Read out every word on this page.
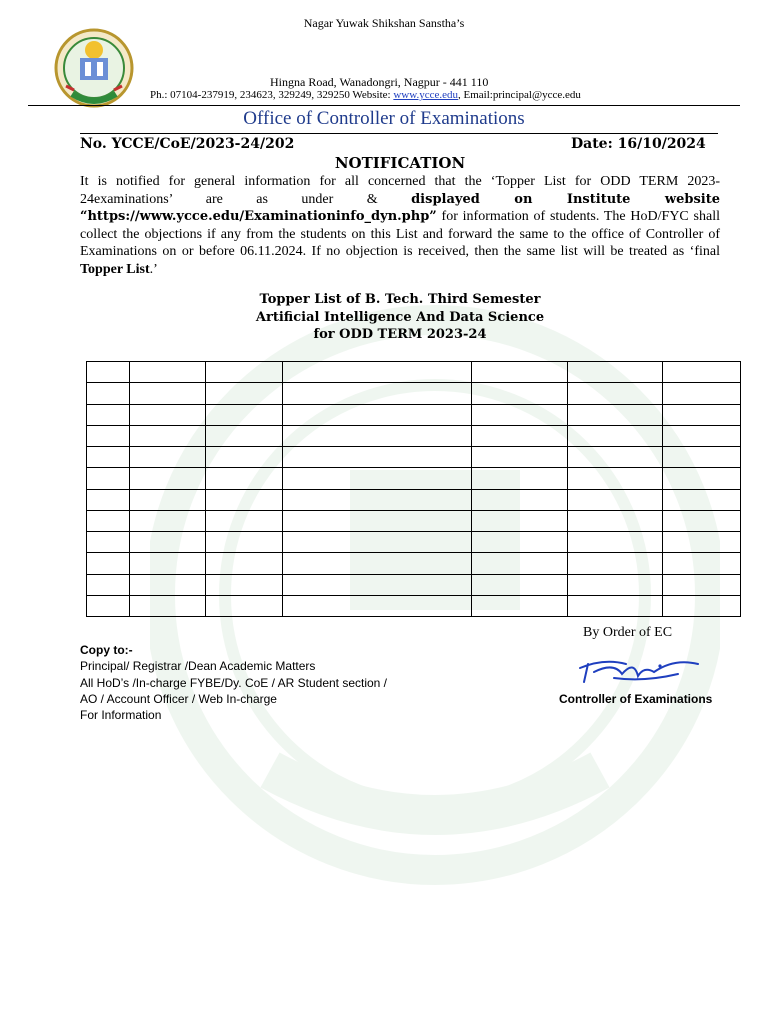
Nagar Yuwak Shikshan Sanstha’s
Hingna Road, Wanadongri, Nagpur - 441 110
Ph.: 07104-237919, 234623, 329249, 329250 Website: www.ycce.edu, Email:principal@ycce.edu
Office of Controller of Examinations
No. YCCE/CoE/2023-24/202	Date: 16/10/2024
NOTIFICATION
It is notified for general information for all concerned that the ‘Topper List for ODD TERM 2023-24examinations’ are as under & displayed on Institute website “https://www.ycce.edu/Examinationinfo_dyn.php” for information of students. The HoD/FYC shall collect the objections if any from the students on this List and forward the same to the office of Controller of Examinations on or before 06.11.2024. If no objection is received, then the same list will be treated as ‘final Topper List.’
Topper List of B. Tech. Third Semester
Artificial Intelligence And Data Science
for ODD TERM 2023-24

By Order of EC
Copy to:-
Principal/ Registrar /Dean Academic Matters
All HoD’s /In-charge FYBE/Dy. CoE / AR Student section /
AO / Account Officer / Web In-charge
For Information
Controller of Examinations
